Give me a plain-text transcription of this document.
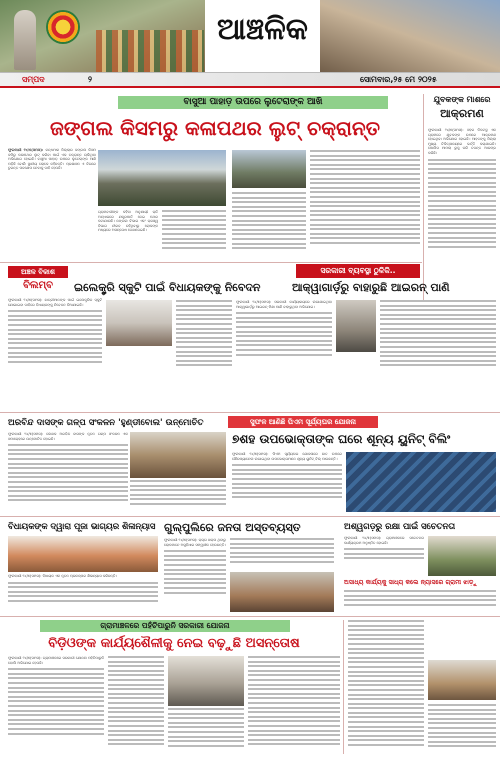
ଆଞ୍ଚଳିକ
ସମ୍ପଦ	୨	ସୋମବାର,୨୫ ମେ ୨୦୨୫
ବାସୁଆ ପାହାଡ଼ ଉପରେ ଲୁଟେରାଙ୍କ ଆଖି
ଜଙ୍ଗଲ କିସମରୁ କଳାପଥର ଲୁଟ୍ ଚକ୍ରାନ୍ତ
ଫୁଲବାଣୀ ୨୪/୫(ସମସ): କନ୍ଧମାଳ ଜିଲ୍ଲାର ଜଙ୍ଗଲ କିସମ ଜମିରୁ କଳାପଥର ଲୁଟ୍ କରିବା ପାଇଁ ଏକ ଚକ୍ରାନ୍ତ ଚାଲିଥିବା ଅଭିଯୋଗ ହୋଇଛି। ବାସୁଆ ପାହାଡ଼ ଉପରେ ଲୁଟେରାଙ୍କ ଆଖି ପଡ଼ିଛି ବୋଲି ସ୍ଥାନୀୟ ଲୋକେ କହିଛନ୍ତି। ପ୍ରଶାସନ ଏ ଦିଗରେ ତୁରନ୍ତ ପଦକ୍ଷେପ ନେବାକୁ ଦାବି ହେଉଛି।
ଗ୍ରାମବାସୀଙ୍କ କହିବା ଅନୁଯାୟୀ ରାତି ଅନ୍ଧାରରେ ଯନ୍ତ୍ରପାତି ନେଇ ପଥର କଟାଯାଉଛି। ଜଙ୍ଗଲ ବିଭାଗ ଏବଂ ରାଜସ୍ୱ ବିଭାଗ ନୀରବ ରହିଥିବାରୁ ଲୋକଙ୍କ ମଧ୍ୟରେ ଅସନ୍ତୋଷ ଦେଖାଦେଇଛି।
ଯୁବକଙ୍କ ମାଶରେ
ଆକ୍ରମଣ
ଫୁଲବାଣୀ ୨୪/୫(ସମସ): ସହର ନିକଟସ୍ଥ ଏକ ଗ୍ରାମରେ ଯୁବକଙ୍କ ଉପରେ ଆକ୍ରମଣ ହୋଇଥିବା ଅଭିଯୋଗ ହୋଇଛି। ଆହତଙ୍କୁ ଜିଲ୍ଲା ମୁଖ୍ୟ ଚିକିତ୍ସାଳୟରେ ଭର୍ତ୍ତି କରାଯାଇଛି। ପୋଲିସ ମାମଲା ରୁଜୁ କରି ତଦନ୍ତ ଆରମ୍ଭ କରିଛି।
ଅଞ୍ଚଳ ବିକାଶ
ବିଲମ୍ବ	ଇଲେକ୍ଟ୍ରି ସ୍କୁଟି ପାଇଁ ବିଧାୟକଙ୍କୁ ନିବେଦନ
ଫୁଲବାଣୀ ୨୪/୫(ସମସ): ଛାତ୍ରୀମାନଙ୍କ ପାଇଁ ଇଲେକ୍ଟ୍ରିକ ସ୍କୁଟି ଯୋଗାଇବା ଦାବିରେ ବିଧାୟକଙ୍କୁ ନିବେଦନ ଦିଆଯାଇଛି।
ସରକାରୀ ବ୍ୟବସ୍ଥା ଠୁଳିକି..
ଆକ୍ୱାଗାର୍ଡ଼ରୁ ବାହାରୁଛି ଆଇରନ୍ ପାଣି
ଫୁଲବାଣୀ ୨୪/୫(ସମସ): ସରକାରୀ କାର୍ଯ୍ୟାଳୟରେ ଲଗାଯାଇଥିବା ଆକ୍ୱାଗାର୍ଡ଼ରୁ ଆଇରନ୍ ମିଶା ପାଣି ବାହାରୁଥିବା ଅଭିଯୋଗ।
ଅରବିନ୍ଦ ଦାସଙ୍କ ଗଳ୍ପ ସଂକଳନ 'ହୁଣ୍ଡୀବୋଲ' ଉନ୍ମୋଚିତ
ଫୁଲବାଣୀ ୨୪/୫(ସମସ): ଲେଖକ ଅରବିନ୍ଦ ଦାସଙ୍କ ନୂତନ ଗଳ୍ପ ସଂକଳନ ଏକ ସମାରୋହରେ ଉନ୍ମୋଚିତ ହୋଇଛି।
ସୁଫଳ ଆଣିଛି ପିଏମ ସୂର୍ଯ୍ୟଘର ଯୋଜନା
୭ଶହ ଉପଭୋକ୍ତାଙ୍କ ଘରେ ଶୂନ୍ୟ ୟୁନିଟ୍ ବିଲିଂ
ଫୁଲବାଣୀ ୨୪/୫(ସମସ): ପିଏମ ସୂର୍ଯ୍ୟଘର ଯୋଜନାରେ ଛାତ ଉପରେ ସୌରପ୍ୟାନେଲ ଲଗାଇଥିବା ଉପଭୋକ୍ତାମାନେ ଶୂନ୍ୟ ୟୁନିଟ୍ ବିଲ୍ ପାଉଛନ୍ତି।
ବିଧାୟକଙ୍କ ଦ୍ୱାରା ପୂଜା ଭାଗ୍ୟର ଶିଳାନ୍ୟାସ
ଫୁଲବାଣୀ ୨୪/୫(ସମସ): ବିଧାୟକ ଏକ ନୂତନ ପ୍ରକଳ୍ପର ଶିଳାନ୍ୟାସ କରିଛନ୍ତି।
ଗୁଲ୍ପୁଲିରେ ଜନତା ଅସ୍ତବ୍ୟସ୍ତ
ଫୁଲବାଣୀ ୨୪/୫(ସମସ): ରାସ୍ତା ଖରାପ ଥିବାରୁ ଲୋକମାନେ ଅସୁବିଧାର ସମ୍ମୁଖୀନ ହେଉଛନ୍ତି।
ଅଶ୍ୱଗଡ଼ରୁ ରକ୍ଷା ପାଇଁ ସଚେତନତା
ଫୁଲବାଣୀ ୨୪/୫(ସମସ): ଗ୍ରାମାଞ୍ଚଳରେ ସଚେତନତା କାର୍ଯ୍ୟକ୍ରମ ଅନୁଷ୍ଠିତ ହୋଇଛି।
ଅସାଧ୍ୟ କାର୍ଯ୍ୟକୁ ସାଧ୍ୟ କଲେ ନ୍ୟାସରେ ଗ୍ରାମୀ ଝାଡ଼ୁ
ଗ୍ରାମାଞ୍ଚଳରେ ପହଁଚିପାରୁନି ସରକାରୀ ଯୋଜନା
ବିଡ଼ିଓଙ୍କ କାର୍ଯ୍ୟଶୈଳୀକୁ ନେଇ ବଢ଼ୁଛି ଅସନ୍ତୋଷ
ଫୁଲବାଣୀ ୨୪/୫(ସମସ): ଗ୍ରାମାଞ୍ଚଳରେ ସରକାରୀ ଯୋଜନା ପହଁଚିପାରୁନି ବୋଲି ଅଭିଯୋଗ ହେଉଛି।
